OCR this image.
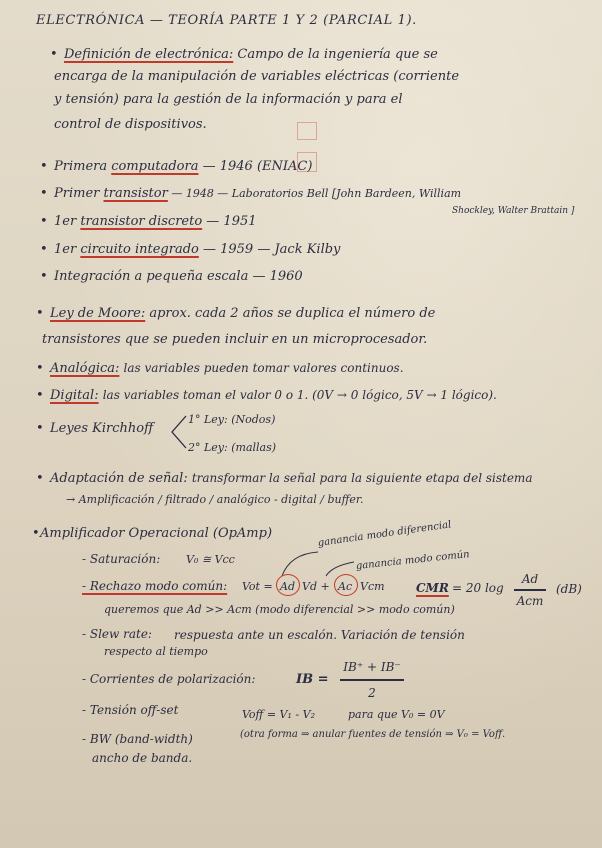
ELECTRÓNICA — TEORÍA PARTE 1 Y 2 (PARCIAL 1).
• Definición de electrónica: Campo de la ingeniería que se
encarga de la manipulación de variables eléctricas (corriente
y tensión) para la gestión de la información y para el
control de dispositivos.
• Primera computadora — 1946 (ENIAC)
• Primer transistor — 1948 — Laboratorios Bell [John Bardeen, William
Shockley, Walter Brattain ]
• 1er transistor discreto — 1951
• 1er circuito integrado — 1959 — Jack Kilby
• Integración a pequeña escala — 1960
• Ley de Moore: aprox. cada 2 años se duplica el número de
transistores que se pueden incluir en un microprocesador.
• Analógica: las variables pueden tomar valores continuos.
• Digital: las variables toman el valor 0 o 1. (0V → 0 lógico, 5V → 1 lógico).
• Leyes Kirchhoff
1° Ley: (Nodos)
2° Ley: (mallas)
• Adaptación de señal: transformar la señal para la siguiente etapa del sistema
→ Amplificación / filtrado / analógico - digital / buffer.
•Amplificador Operacional (OpAmp)
- Saturación: V₀ ≅ Vcc
ganancia modo diferencial
ganancia modo común
- Rechazo modo común: Vot = Ad Vd + Ac Vcm	CMR = 20 log
Ad
Acm
(dB)
queremos que Ad >> Acm (modo diferencial >> modo común)
- Slew rate: respuesta ante un escalón. Variación de tensión
respecto al tiempo
- Corrientes de polarización:	IB =
IB⁺ + IB⁻
2
- Tensión off-set	Voff = V₁ - V₂	para que V₀ = 0V
(otra forma ⇒ anular fuentes de tensión ⇒ V₀ = Voff.
- BW (band-width)
ancho de banda.
